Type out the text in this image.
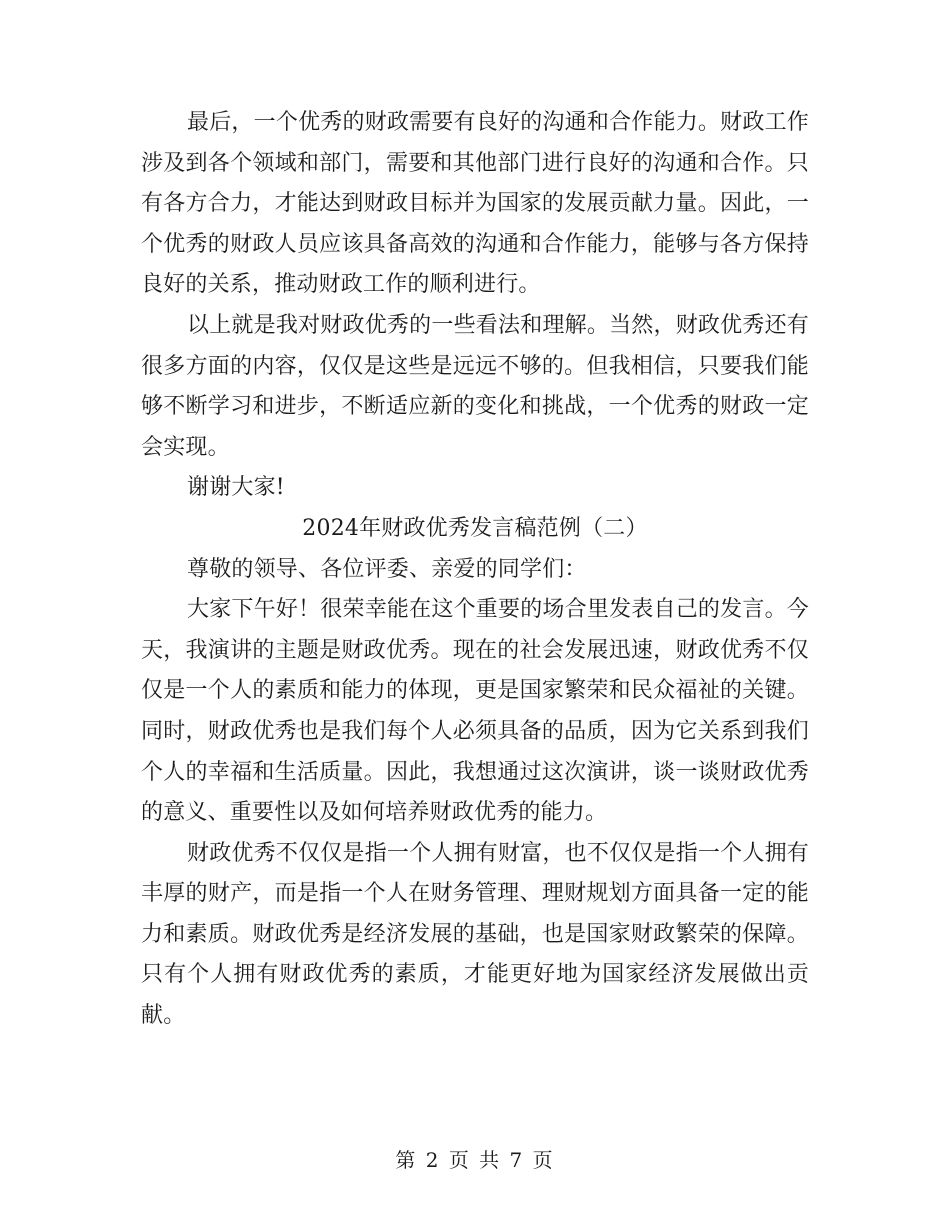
最后，一个优秀的财政需要有良好的沟通和合作能力。财政工作涉及到各个领域和部门，需要和其他部门进行良好的沟通和合作。只有各方合力，才能达到财政目标并为国家的发展贡献力量。因此，一个优秀的财政人员应该具备高效的沟通和合作能力，能够与各方保持良好的关系，推动财政工作的顺利进行。

以上就是我对财政优秀的一些看法和理解。当然，财政优秀还有很多方面的内容，仅仅是这些是远远不够的。但我相信，只要我们能够不断学习和进步，不断适应新的变化和挑战，一个优秀的财政一定会实现。

谢谢大家!

2024年财政优秀发言稿范例（二）

尊敬的领导、各位评委、亲爱的同学们：

大家下午好！很荣幸能在这个重要的场合里发表自己的发言。今天，我演讲的主题是财政优秀。现在的社会发展迅速，财政优秀不仅仅是一个人的素质和能力的体现，更是国家繁荣和民众福祉的关键。同时，财政优秀也是我们每个人必须具备的品质，因为它关系到我们个人的幸福和生活质量。因此，我想通过这次演讲，谈一谈财政优秀的意义、重要性以及如何培养财政优秀的能力。

财政优秀不仅仅是指一个人拥有财富，也不仅仅是指一个人拥有丰厚的财产，而是指一个人在财务管理、理财规划方面具备一定的能力和素质。财政优秀是经济发展的基础，也是国家财政繁荣的保障。只有个人拥有财政优秀的素质，才能更好地为国家经济发展做出贡献。

第 2 页 共 7 页
